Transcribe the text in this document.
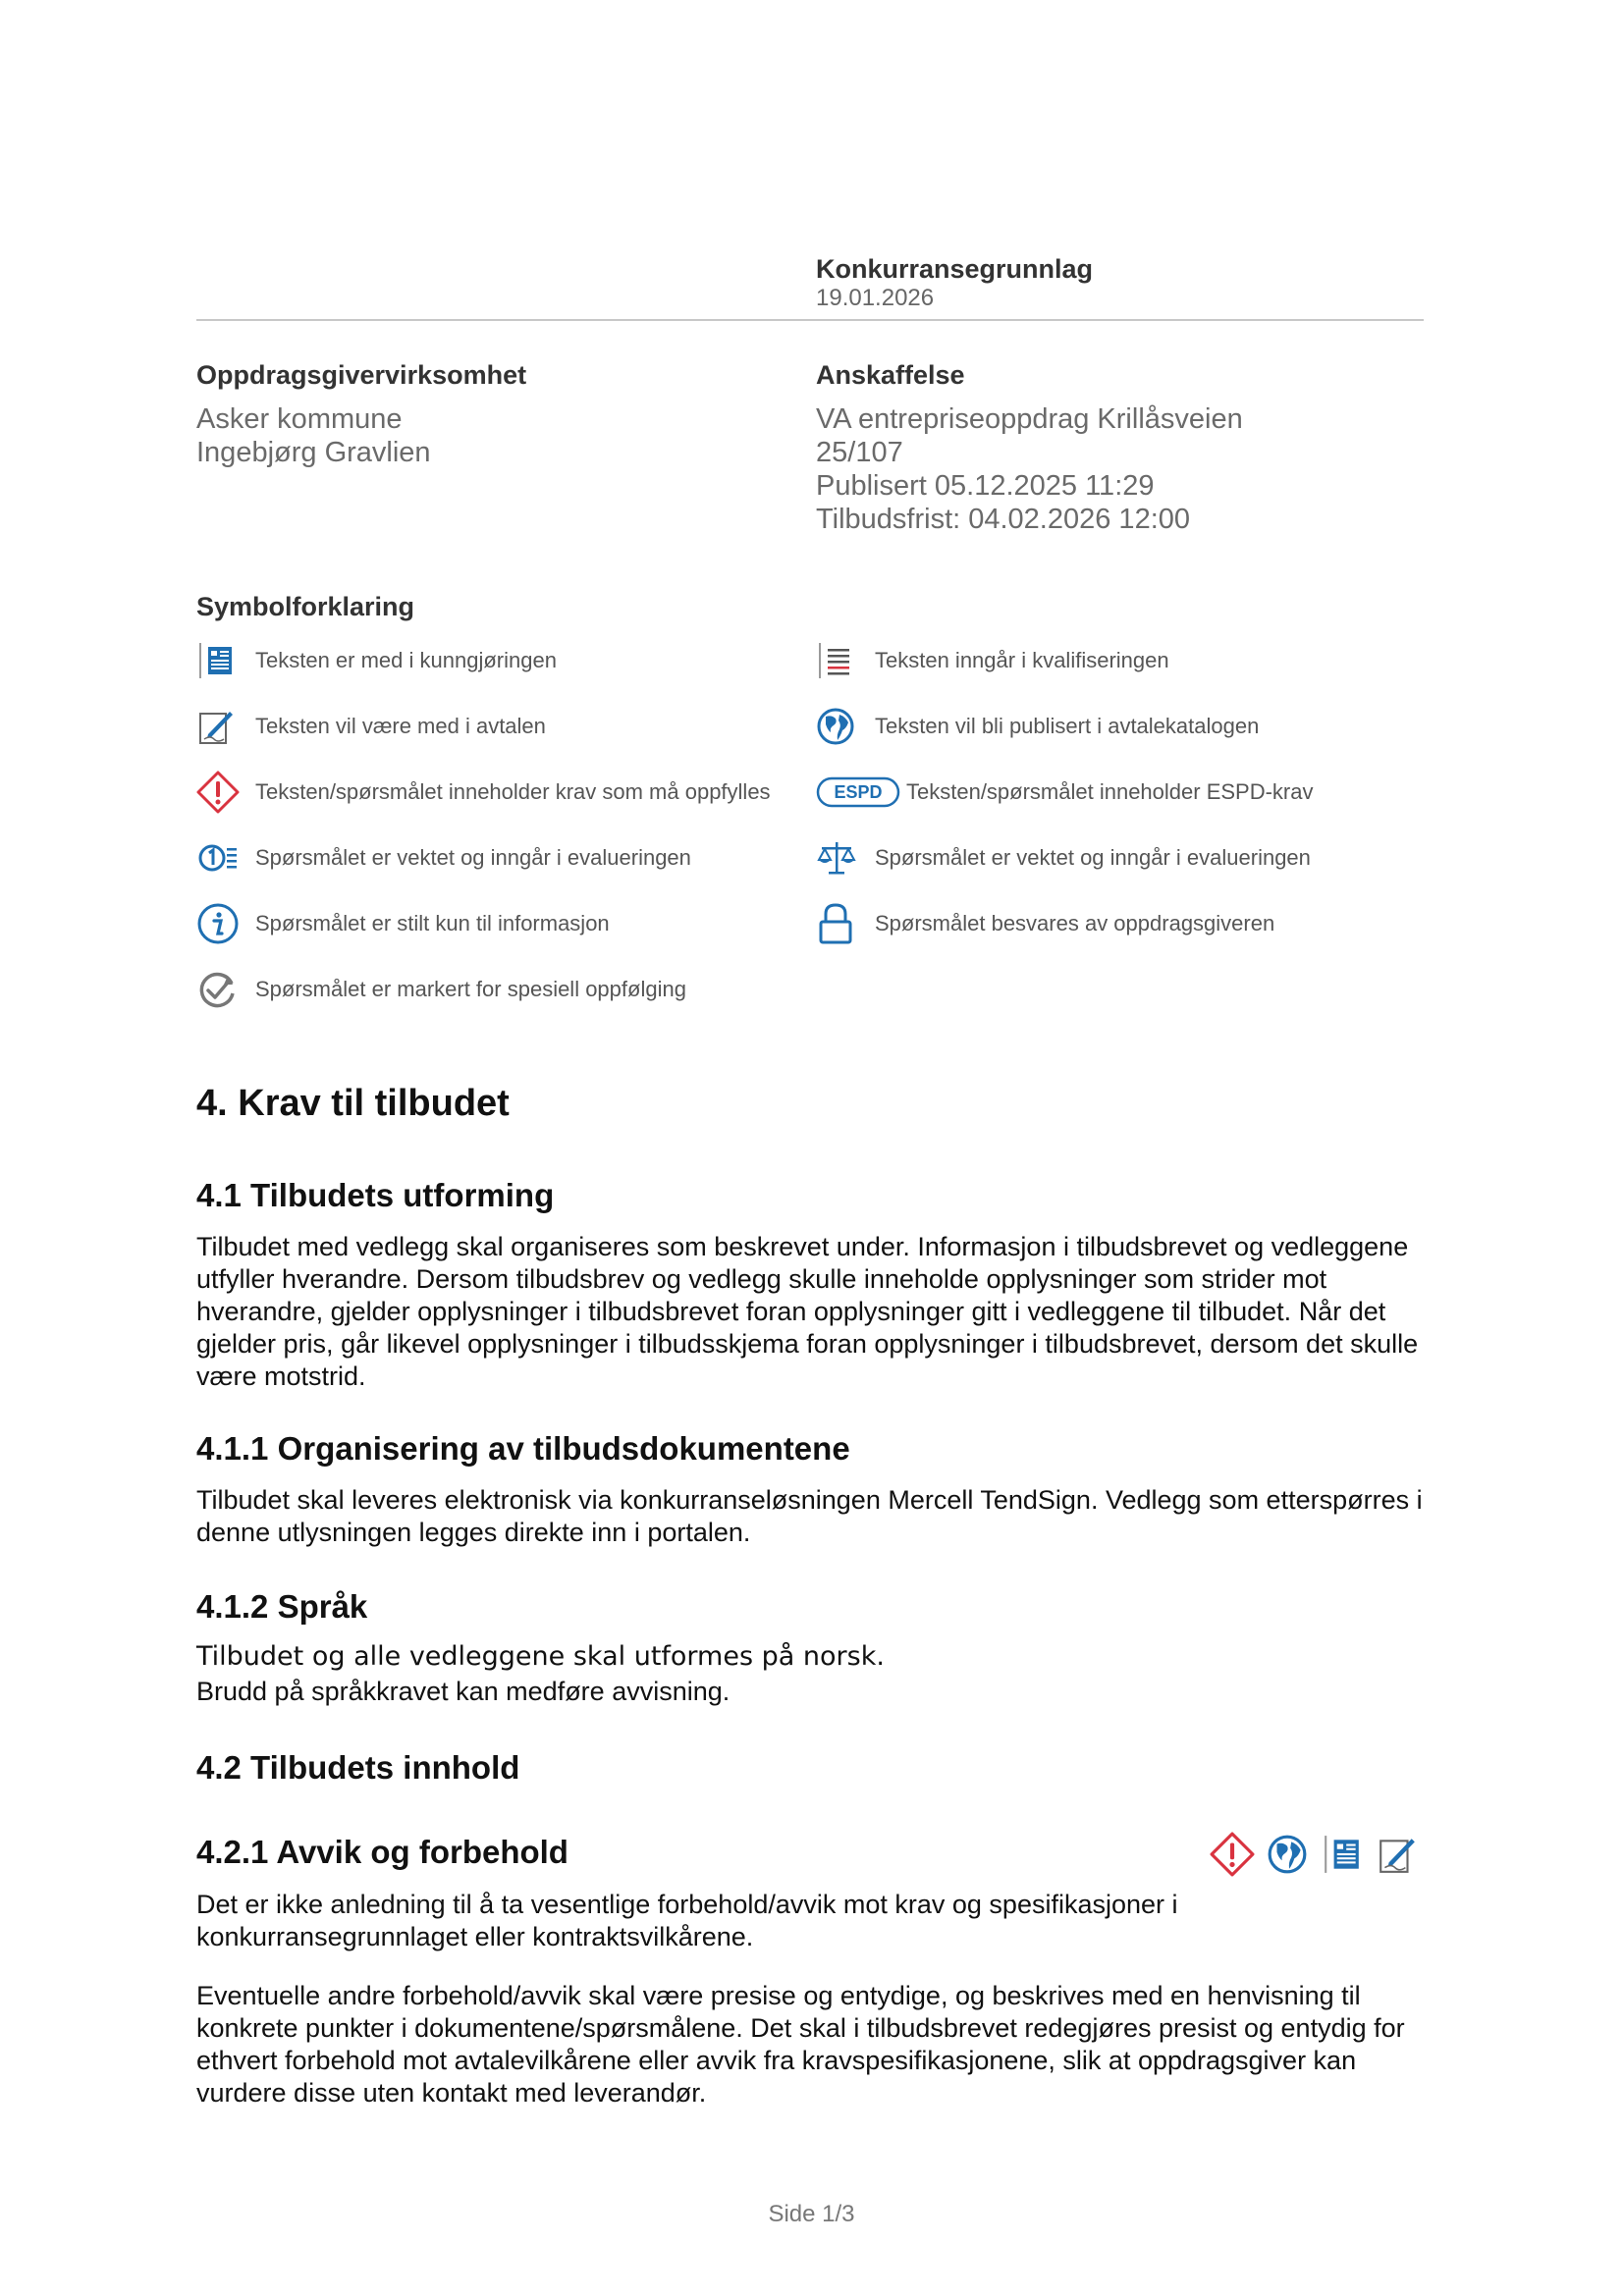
Konkurransegrunnlag
19.01.2026
Oppdragsgivervirksomhet
Asker kommune
Ingebjørg Gravlien
Anskaffelse
VA entrepriseoppdrag Krillåsveien
25/107
Publisert 05.12.2025 11:29
Tilbudsfrist: 04.02.2026 12:00
Symbolforklaring
Teksten er med i kunngjøringen	Teksten inngår i kvalifiseringen
Teksten vil være med i avtalen	Teksten vil bli publisert i avtalekatalogen
Teksten/spørsmålet inneholder krav som må oppfylles	ESPD Teksten/spørsmålet inneholder ESPD-krav
Spørsmålet er vektet og inngår i evalueringen	Spørsmålet er vektet og inngår i evalueringen
Spørsmålet er stilt kun til informasjon	Spørsmålet besvares av oppdragsgiveren
Spørsmålet er markert for spesiell oppfølging
4. Krav til tilbudet
4.1 Tilbudets utforming

Tilbudet med vedlegg skal organiseres som beskrevet under. Informasjon i tilbudsbrevet og vedleggene utfyller hverandre. Dersom tilbudsbrev og vedlegg skulle inneholde opplysninger som strider mot hverandre, gjelder opplysninger i tilbudsbrevet foran opplysninger gitt i vedleggene til tilbudet. Når det gjelder pris, går likevel opplysninger i tilbudsskjema foran opplysninger i tilbudsbrevet, dersom det skulle være motstrid.

4.1.1 Organisering av tilbudsdokumentene

Tilbudet skal leveres elektronisk via konkurranseløsningen Mercell TendSign. Vedlegg som etterspørres i denne utlysningen legges direkte inn i portalen.

4.1.2 Språk

Tilbudet og alle vedleggene skal utformes på norsk.

Brudd på språkkravet kan medføre avvisning.

4.2 Tilbudets innhold
4.2.1 Avvik og forbehold

Det er ikke anledning til å ta vesentlige forbehold/avvik mot krav og spesifikasjoner i konkurransegrunnlaget eller kontraktsvilkårene.

Eventuelle andre forbehold/avvik skal være presise og entydige, og beskrives med en henvisning til konkrete punkter i dokumentene/spørsmålene. Det skal i tilbudsbrevet redegjøres presist og entydig for ethvert forbehold mot avtalevilkårene eller avvik fra kravspesifikasjonene, slik at oppdragsgiver kan vurdere disse uten kontakt med leverandør.

Side 1/3
